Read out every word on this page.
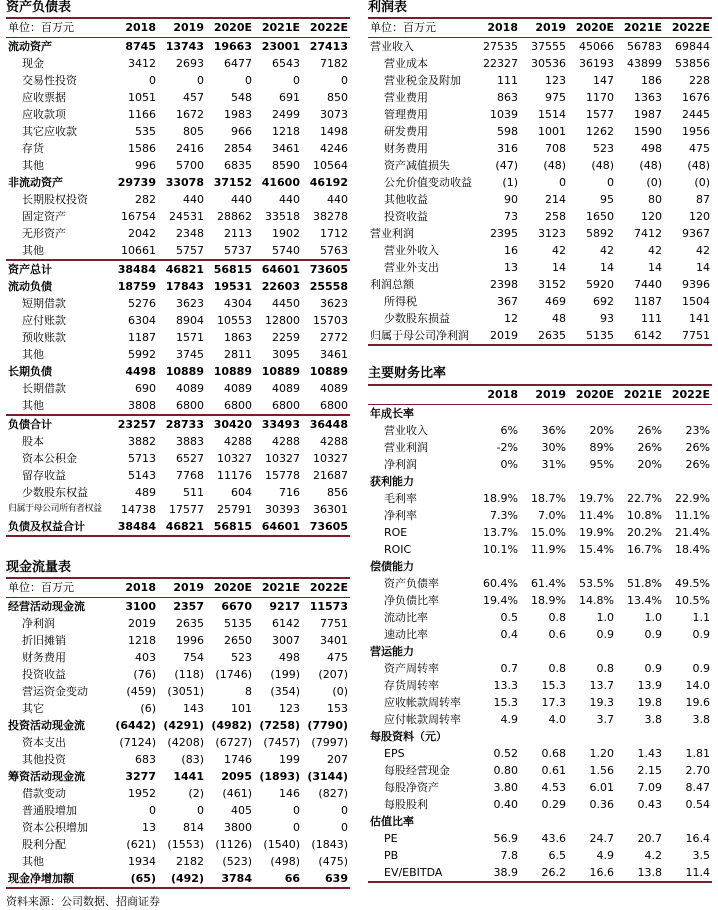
资产负债表
单位：百万元	2018	2019	2020E	2021E	2022E
流动资产	8745	13743	19663	23001	27413
现金	3412	2693	6477	6543	7182
交易性投资	0	0	0	0	0
应收票据	1051	457	548	691	850
应收款项	1166	1672	1983	2499	3073
其它应收款	535	805	966	1218	1498
存货	1586	2416	2854	3461	4246
其他	996	5700	6835	8590	10564
非流动资产	29739	33078	37152	41600	46192
长期股权投资	282	440	440	440	440
固定资产	16754	24531	28862	33518	38278
无形资产	2042	2348	2113	1902	1712
其他	10661	5757	5737	5740	5763
资产总计	38484	46821	56815	64601	73605
流动负债	18759	17843	19531	22603	25558
短期借款	5276	3623	4304	4450	3623
应付账款	6304	8904	10553	12800	15703
预收账款	1187	1571	1863	2259	2772
其他	5992	3745	2811	3095	3461
长期负债	4498	10889	10889	10889	10889
长期借款	690	4089	4089	4089	4089
其他	3808	6800	6800	6800	6800
负债合计	23257	28733	30420	33493	36448
股本	3882	3883	4288	4288	4288
资本公积金	5713	6527	10327	10327	10327
留存收益	5143	7768	11176	15778	21687
少数股东权益	489	511	604	716	856
归属于母公司所有者权益	14738	17577	25791	30393	36301
负债及权益合计	38484	46821	56815	64601	73605
现金流量表
单位：百万元	2018	2019	2020E	2021E	2022E
经营活动现金流	3100	2357	6670	9217	11573
净利润	2019	2635	5135	6142	7751
折旧摊销	1218	1996	2650	3007	3401
财务费用	403	754	523	498	475
投资收益	(76)	(118)	(1746)	(199)	(207)
营运资金变动	(459)	(3051)	8	(354)	(0)
其它	(6)	143	101	123	153
投资活动现金流	(6442)	(4291)	(4982)	(7258)	(7790)
资本支出	(7124)	(4208)	(6727)	(7457)	(7997)
其他投资	683	(83)	1746	199	207
筹资活动现金流	3277	1441	2095	(1893)	(3144)
借款变动	1952	(2)	(461)	146	(827)
普通股增加	0	0	405	0	0
资本公积增加	13	814	3800	0	0
股利分配	(621)	(1553)	(1126)	(1540)	(1843)
其他	1934	2182	(523)	(498)	(475)
现金净增加额	(65)	(492)	3784	66	639
利润表
单位：百万元	2018	2019	2020E	2021E	2022E
营业收入	27535	37555	45066	56783	69844
营业成本	22327	30536	36193	43899	53856
营业税金及附加	111	123	147	186	228
营业费用	863	975	1170	1363	1676
管理费用	1039	1514	1577	1987	2445
研发费用	598	1001	1262	1590	1956
财务费用	316	708	523	498	475
资产减值损失	(47)	(48)	(48)	(48)	(48)
公允价值变动收益	(1)	0	0	(0)	(0)
其他收益	90	214	95	80	87
投资收益	73	258	1650	120	120
营业利润	2395	3123	5892	7412	9367
营业外收入	16	42	42	42	42
营业外支出	13	14	14	14	14
利润总额	2398	3152	5920	7440	9396
所得税	367	469	692	1187	1504
少数股东损益	12	48	93	111	141
归属于母公司净利润	2019	2635	5135	6142	7751
主要财务比率
	2018	2019	2020E	2021E	2022E
年成长率					
营业收入	6%	36%	20%	26%	23%
营业利润	-2%	30%	89%	26%	26%
净利润	0%	31%	95%	20%	26%
获利能力					
毛利率	18.9%	18.7%	19.7%	22.7%	22.9%
净利率	7.3%	7.0%	11.4%	10.8%	11.1%
ROE	13.7%	15.0%	19.9%	20.2%	21.4%
ROIC	10.1%	11.9%	15.4%	16.7%	18.4%
偿债能力					
资产负债率	60.4%	61.4%	53.5%	51.8%	49.5%
净负债比率	19.4%	18.9%	14.8%	13.4%	10.5%
流动比率	0.5	0.8	1.0	1.0	1.1
速动比率	0.4	0.6	0.9	0.9	0.9
营运能力					
资产周转率	0.7	0.8	0.8	0.9	0.9
存货周转率	13.3	15.3	13.7	13.9	14.0
应收帐款周转率	15.3	17.3	19.3	19.8	19.6
应付帐款周转率	4.9	4.0	3.7	3.8	3.8
每股资料（元）					
EPS	0.52	0.68	1.20	1.43	1.81
每股经营现金	0.80	0.61	1.56	2.15	2.70
每股净资产	3.80	4.53	6.01	7.09	8.47
每股股利	0.40	0.29	0.36	0.43	0.54
估值比率					
PE	56.9	43.6	24.7	20.7	16.4
PB	7.8	6.5	4.9	4.2	3.5
EV/EBITDA	38.9	26.2	16.6	13.8	11.4
资料来源：公司数据、招商证券
